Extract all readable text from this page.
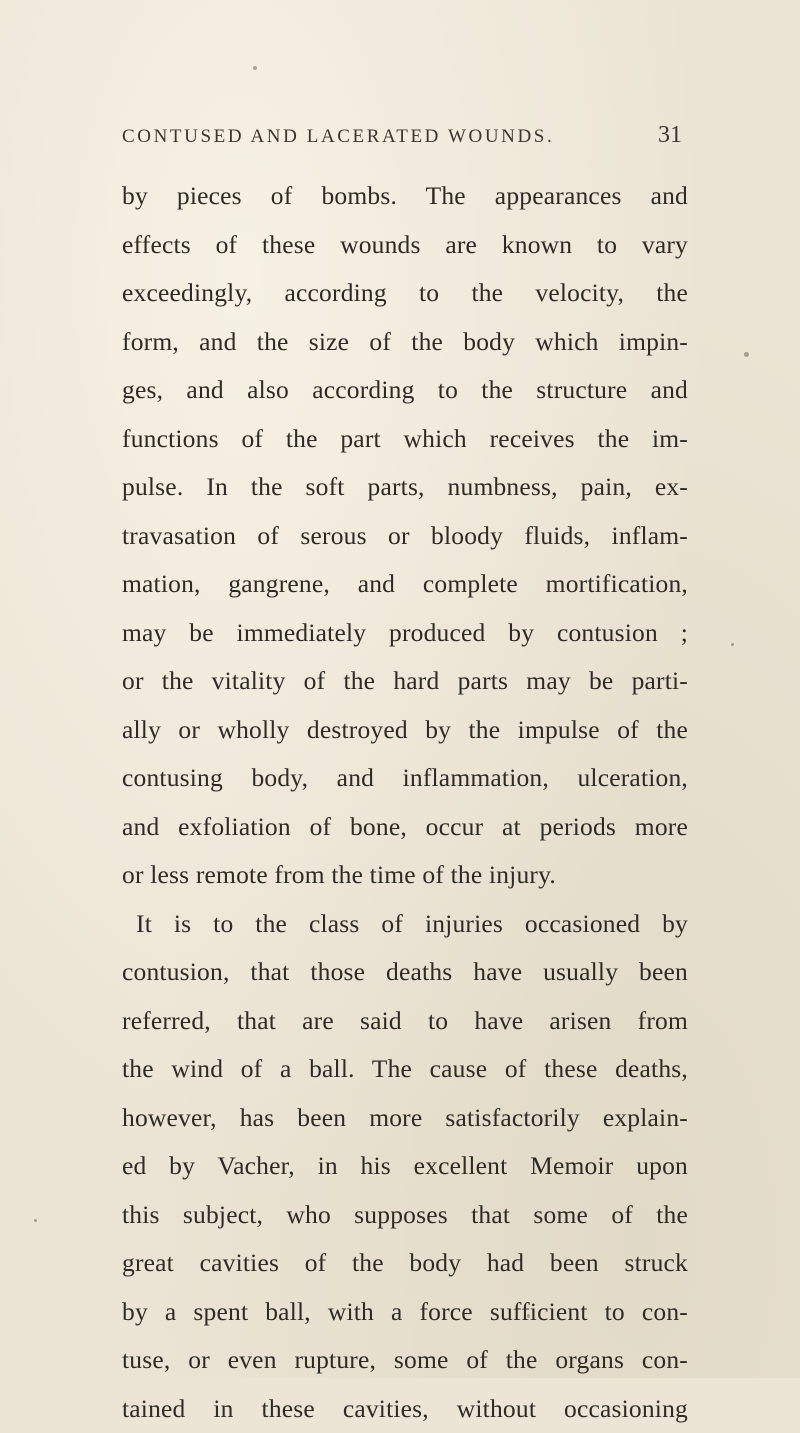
CONTUSED AND LACERATED WOUNDS.	31
by pieces of bombs. The appearances and
effects of these wounds are known to vary
exceedingly, according to the velocity, the
form, and the size of the body which impin-
ges, and also according to the structure and
functions of the part which receives the im-
pulse. In the soft parts, numbness, pain, ex-
travasation of serous or bloody fluids, inflam-
mation, gangrene, and complete mortification,
may be immediately produced by contusion ;
or the vitality of the hard parts may be parti-
ally or wholly destroyed by the impulse of the
contusing body, and inflammation, ulceration,
and exfoliation of bone, occur at periods more
or less remote from the time of the injury.
It is to the class of injuries occasioned by
contusion, that those deaths have usually been
referred, that are said to have arisen from
the wind of a ball. The cause of these deaths,
however, has been more satisfactorily explain-
ed by Vacher, in his excellent Memoir upon
this subject, who supposes that some of the
great cavities of the body had been struck
by a spent ball, with a force sufficient to con-
tuse, or even rupture, some of the organs con-
tained in these cavities, without occasioning
